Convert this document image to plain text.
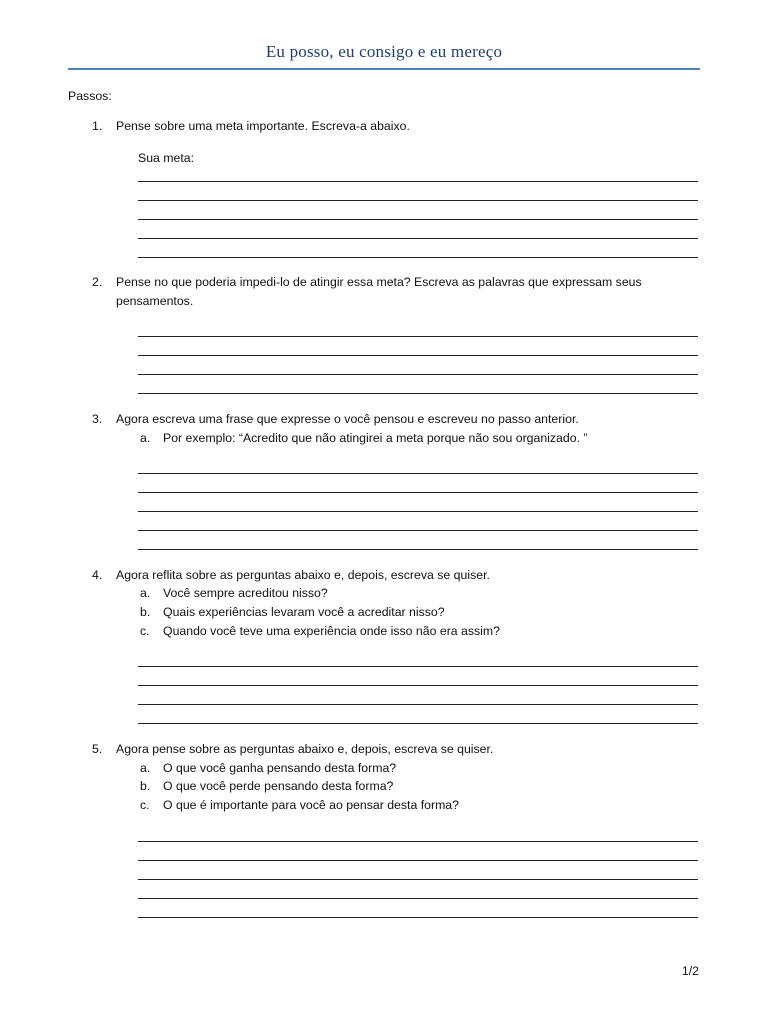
Eu posso, eu consigo e eu mereço
Passos:
1. Pense sobre uma meta importante. Escreva-a abaixo.
Sua meta:
2. Pense no que poderia impedi-lo de atingir essa meta? Escreva as palavras que expressam seus
pensamentos.
3. Agora escreva uma frase que expresse o você pensou e escreveu no passo anterior.
a. Por exemplo: “Acredito que não atingirei a meta porque não sou organizado. ”
4. Agora reflita sobre as perguntas abaixo e, depois, escreva se quiser.
a. Você sempre acreditou nisso?
b. Quais experiências levaram você a acreditar nisso?
c. Quando você teve uma experiência onde isso não era assim?
5. Agora pense sobre as perguntas abaixo e, depois, escreva se quiser.
a. O que você ganha pensando desta forma?
b. O que você perde pensando desta forma?
c. O que é importante para você ao pensar desta forma?
1/2
